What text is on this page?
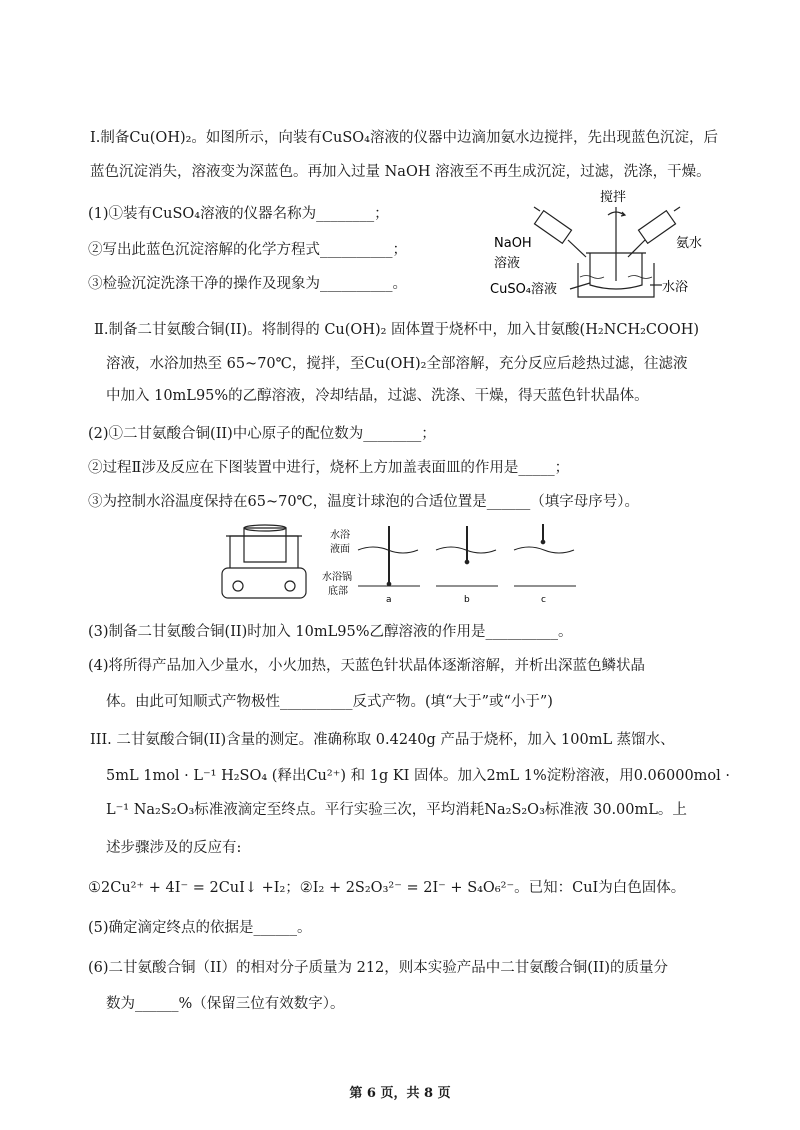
I.制备Cu(OH)₂。如图所示，向装有CuSO₄溶液的仪器中边滴加氨水边搅拌，先出现蓝色沉淀，后
蓝色沉淀消失，溶液变为深蓝色。再加入过量 NaOH 溶液至不再生成沉淀，过滤，洗涤，干燥。
(1)①装有CuSO₄溶液的仪器名称为________；
②写出此蓝色沉淀溶解的化学方程式__________；
③检验沉淀洗涤干净的操作及现象为__________。
搅拌
NaOH
溶液
氨水
CuSO₄溶液	水浴
Ⅱ.制备二甘氨酸合铜(II)。将制得的 Cu(OH)₂ 固体置于烧杯中，加入甘氨酸(H₂NCH₂COOH)
溶液，水浴加热至 65~70℃，搅拌，至Cu(OH)₂全部溶解，充分反应后趁热过滤，往滤液
中加入 10mL95%的乙醇溶液，冷却结晶，过滤、洗涤、干燥，得天蓝色针状晶体。
(2)①二甘氨酸合铜(II)中心原子的配位数为________；
②过程Ⅱ涉及反应在下图装置中进行，烧杯上方加盖表面皿的作用是_____；
③为控制水浴温度保持在65~70℃，温度计球泡的合适位置是______（填字母序号）。
水浴
液面
水浴锅
底部
a	b	c
(3)制备二甘氨酸合铜(II)时加入 10mL95%乙醇溶液的作用是__________。
(4)将所得产品加入少量水，小火加热，天蓝色针状晶体逐渐溶解，并析出深蓝色鳞状晶
体。由此可知顺式产物极性__________反式产物。(填“大于”或“小于”)
III. 二甘氨酸合铜(II)含量的测定。准确称取 0.4240g 产品于烧杯，加入 100mL 蒸馏水、
5mL 1mol · L⁻¹ H₂SO₄ (释出Cu²⁺) 和 1g KI 固体。加入2mL 1%淀粉溶液，用0.06000mol ·
L⁻¹ Na₂S₂O₃标准液滴定至终点。平行实验三次，平均消耗Na₂S₂O₃标准液 30.00mL。上
述步骤涉及的反应有:
①2Cu²⁺ + 4I⁻ = 2CuI↓ +I₂；②I₂ + 2S₂O₃²⁻ = 2I⁻ + S₄O₆²⁻。已知：CuI为白色固体。
(5)确定滴定终点的依据是______。
(6)二甘氨酸合铜（II）的相对分子质量为 212，则本实验产品中二甘氨酸合铜(II)的质量分
数为______%（保留三位有效数字）。
第 6 页，共 8 页
